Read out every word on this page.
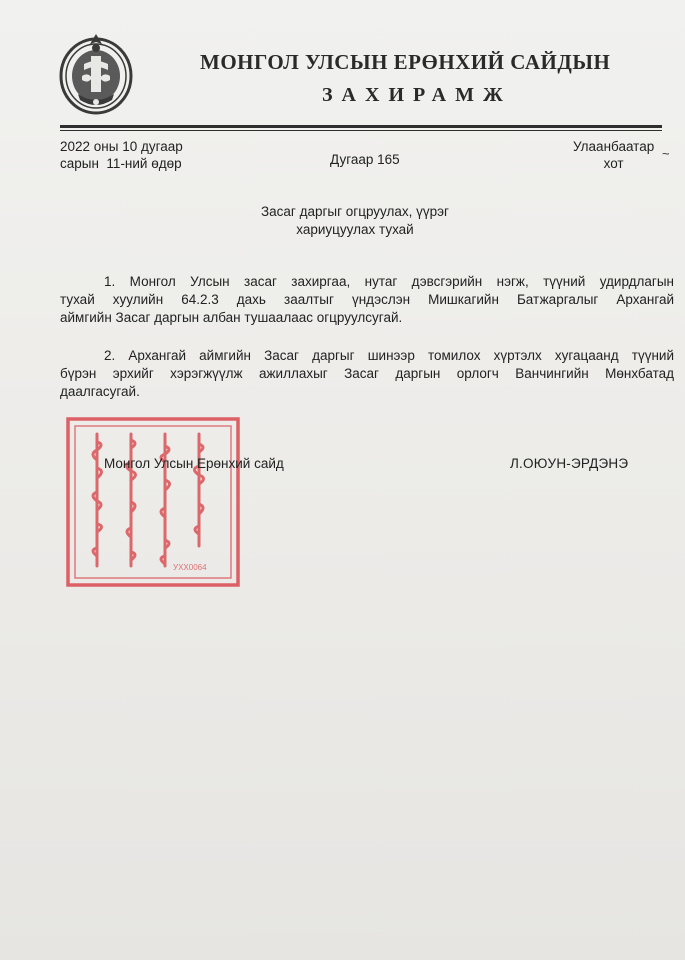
МОНГОЛ УЛСЫН ЕРӨНХИЙ САЙДЫН
ЗАХИРАМЖ
2022 оны 10 дугаар
сарын  11-ний өдөр	Дугаар 165
Улаанбаатар
хот
~
Засаг даргыг огцруулах, үүрэг
хариуцуулах тухай
1. Монгол Улсын засаг захиргаа, нутаг дэвсгэрийн нэгж, түүний удирдлагын
тухай хуулийн 64.2.3 дахь заалтыг үндэслэн Мишкагийн Батжаргалыг Архангай
аймгийн Засаг даргын албан тушаалаас огцруулсугай.
2. Архангай аймгийн Засаг даргыг шинээр томилох хүртэлх хугацаанд түүний
бүрэн эрхийг хэрэгжүүлж ажиллахыг Засаг даргын орлогч Ванчингийн Мөнхбатад
даалгасугай.
УХХ0064
Монгол Улсын Ерөнхий сайд	Л.ОЮУН-ЭРДЭНЭ
